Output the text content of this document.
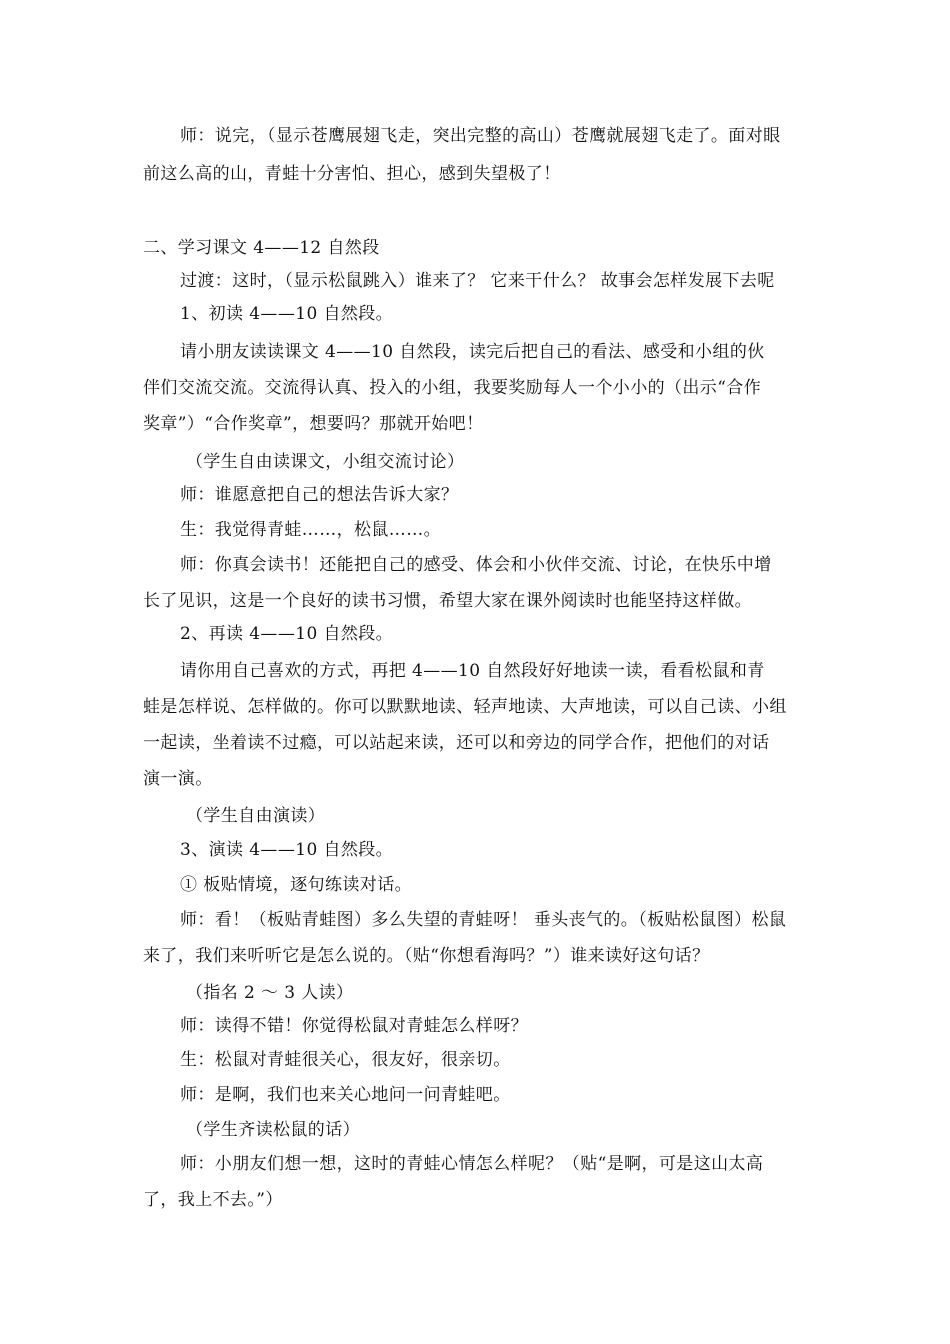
师：说完，（显示苍鹰展翅飞走，突出完整的高山）苍鹰就展翅飞走了。面对眼
前这么高的山，青蛙十分害怕、担心，感到失望极了！
二、学习课文 4——12 自然段
过渡：这时，（显示松鼠跳入）谁来了？ 它来干什么？ 故事会怎样发展下去呢
1、初读 4——10 自然段。
请小朋友读读课文 4——10 自然段，读完后把自己的看法、感受和小组的伙
伴们交流交流。交流得认真、投入的小组，我要奖励每人一个小小的（出示“合作
奖章”）“合作奖章”，想要吗？那就开始吧！
（学生自由读课文，小组交流讨论）
师：谁愿意把自己的想法告诉大家？
生：我觉得青蛙……，松鼠……。
师：你真会读书！还能把自己的感受、体会和小伙伴交流、讨论，在快乐中增
长了见识，这是一个良好的读书习惯，希望大家在课外阅读时也能坚持这样做。
2、再读 4——10 自然段。
请你用自己喜欢的方式，再把 4——10 自然段好好地读一读，看看松鼠和青
蛙是怎样说、怎样做的。你可以默默地读、轻声地读、大声地读，可以自己读、小组
一起读，坐着读不过瘾，可以站起来读，还可以和旁边的同学合作，把他们的对话
演一演。
（学生自由演读）
3、演读 4——10 自然段。
① 板贴情境，逐句练读对话。
师：看！（板贴青蛙图）多么失望的青蛙呀！ 垂头丧气的。（板贴松鼠图）松鼠
来了，我们来听听它是怎么说的。（贴“你想看海吗？”）谁来读好这句话？
（指名 2 ～ 3 人读）
师：读得不错！你觉得松鼠对青蛙怎么样呀？
生：松鼠对青蛙很关心，很友好，很亲切。
师：是啊，我们也来关心地问一问青蛙吧。
（学生齐读松鼠的话）
师：小朋友们想一想，这时的青蛙心情怎么样呢？（贴“是啊，可是这山太高
了，我上不去。”）
